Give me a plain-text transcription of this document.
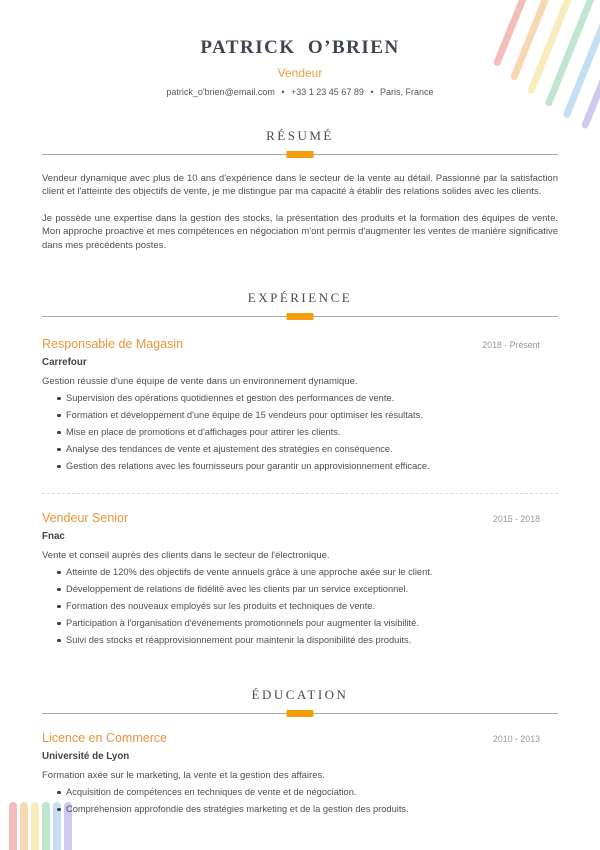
PATRICK O’BRIEN
Vendeur
patrick_o'brien@email.com • +33 1 23 45 67 89 • Paris, France
RÉSUMÉ

Vendeur dynamique avec plus de 10 ans d'expérience dans le secteur de la vente au détail. Passionné par la satisfaction client et l'atteinte des objectifs de vente, je me distingue par ma capacité à établir des relations solides avec les clients.

Je possède une expertise dans la gestion des stocks, la présentation des produits et la formation des équipes de vente. Mon approche proactive et mes compétences en négociation m'ont permis d'augmenter les ventes de manière significative dans mes précédents postes.

EXPÉRIENCE
Responsable de Magasin	2018 - Présent
Carrefour
Gestion réussie d'une équipe de vente dans un environnement dynamique.
Supervision des opérations quotidiennes et gestion des performances de vente.
Formation et développement d'une équipe de 15 vendeurs pour optimiser les résultats.
Mise en place de promotions et d'affichages pour attirer les clients.
Analyse des tendances de vente et ajustement des stratégies en conséquence.
Gestion des relations avec les fournisseurs pour garantir un approvisionnement efficace.
Vendeur Senior	2015 - 2018
Fnac
Vente et conseil auprès des clients dans le secteur de l'électronique.
Atteinte de 120% des objectifs de vente annuels grâce à une approche axée sur le client.
Développement de relations de fidélité avec les clients par un service exceptionnel.
Formation des nouveaux employés sur les produits et techniques de vente.
Participation à l'organisation d'événements promotionnels pour augmenter la visibilité.
Suivi des stocks et réapprovisionnement pour maintenir la disponibilité des produits.
ÉDUCATION
Licence en Commerce	2010 - 2013
Université de Lyon
Formation axée sur le marketing, la vente et la gestion des affaires.
Acquisition de compétences en techniques de vente et de négociation.
Compréhension approfondie des stratégies marketing et de la gestion des produits.
